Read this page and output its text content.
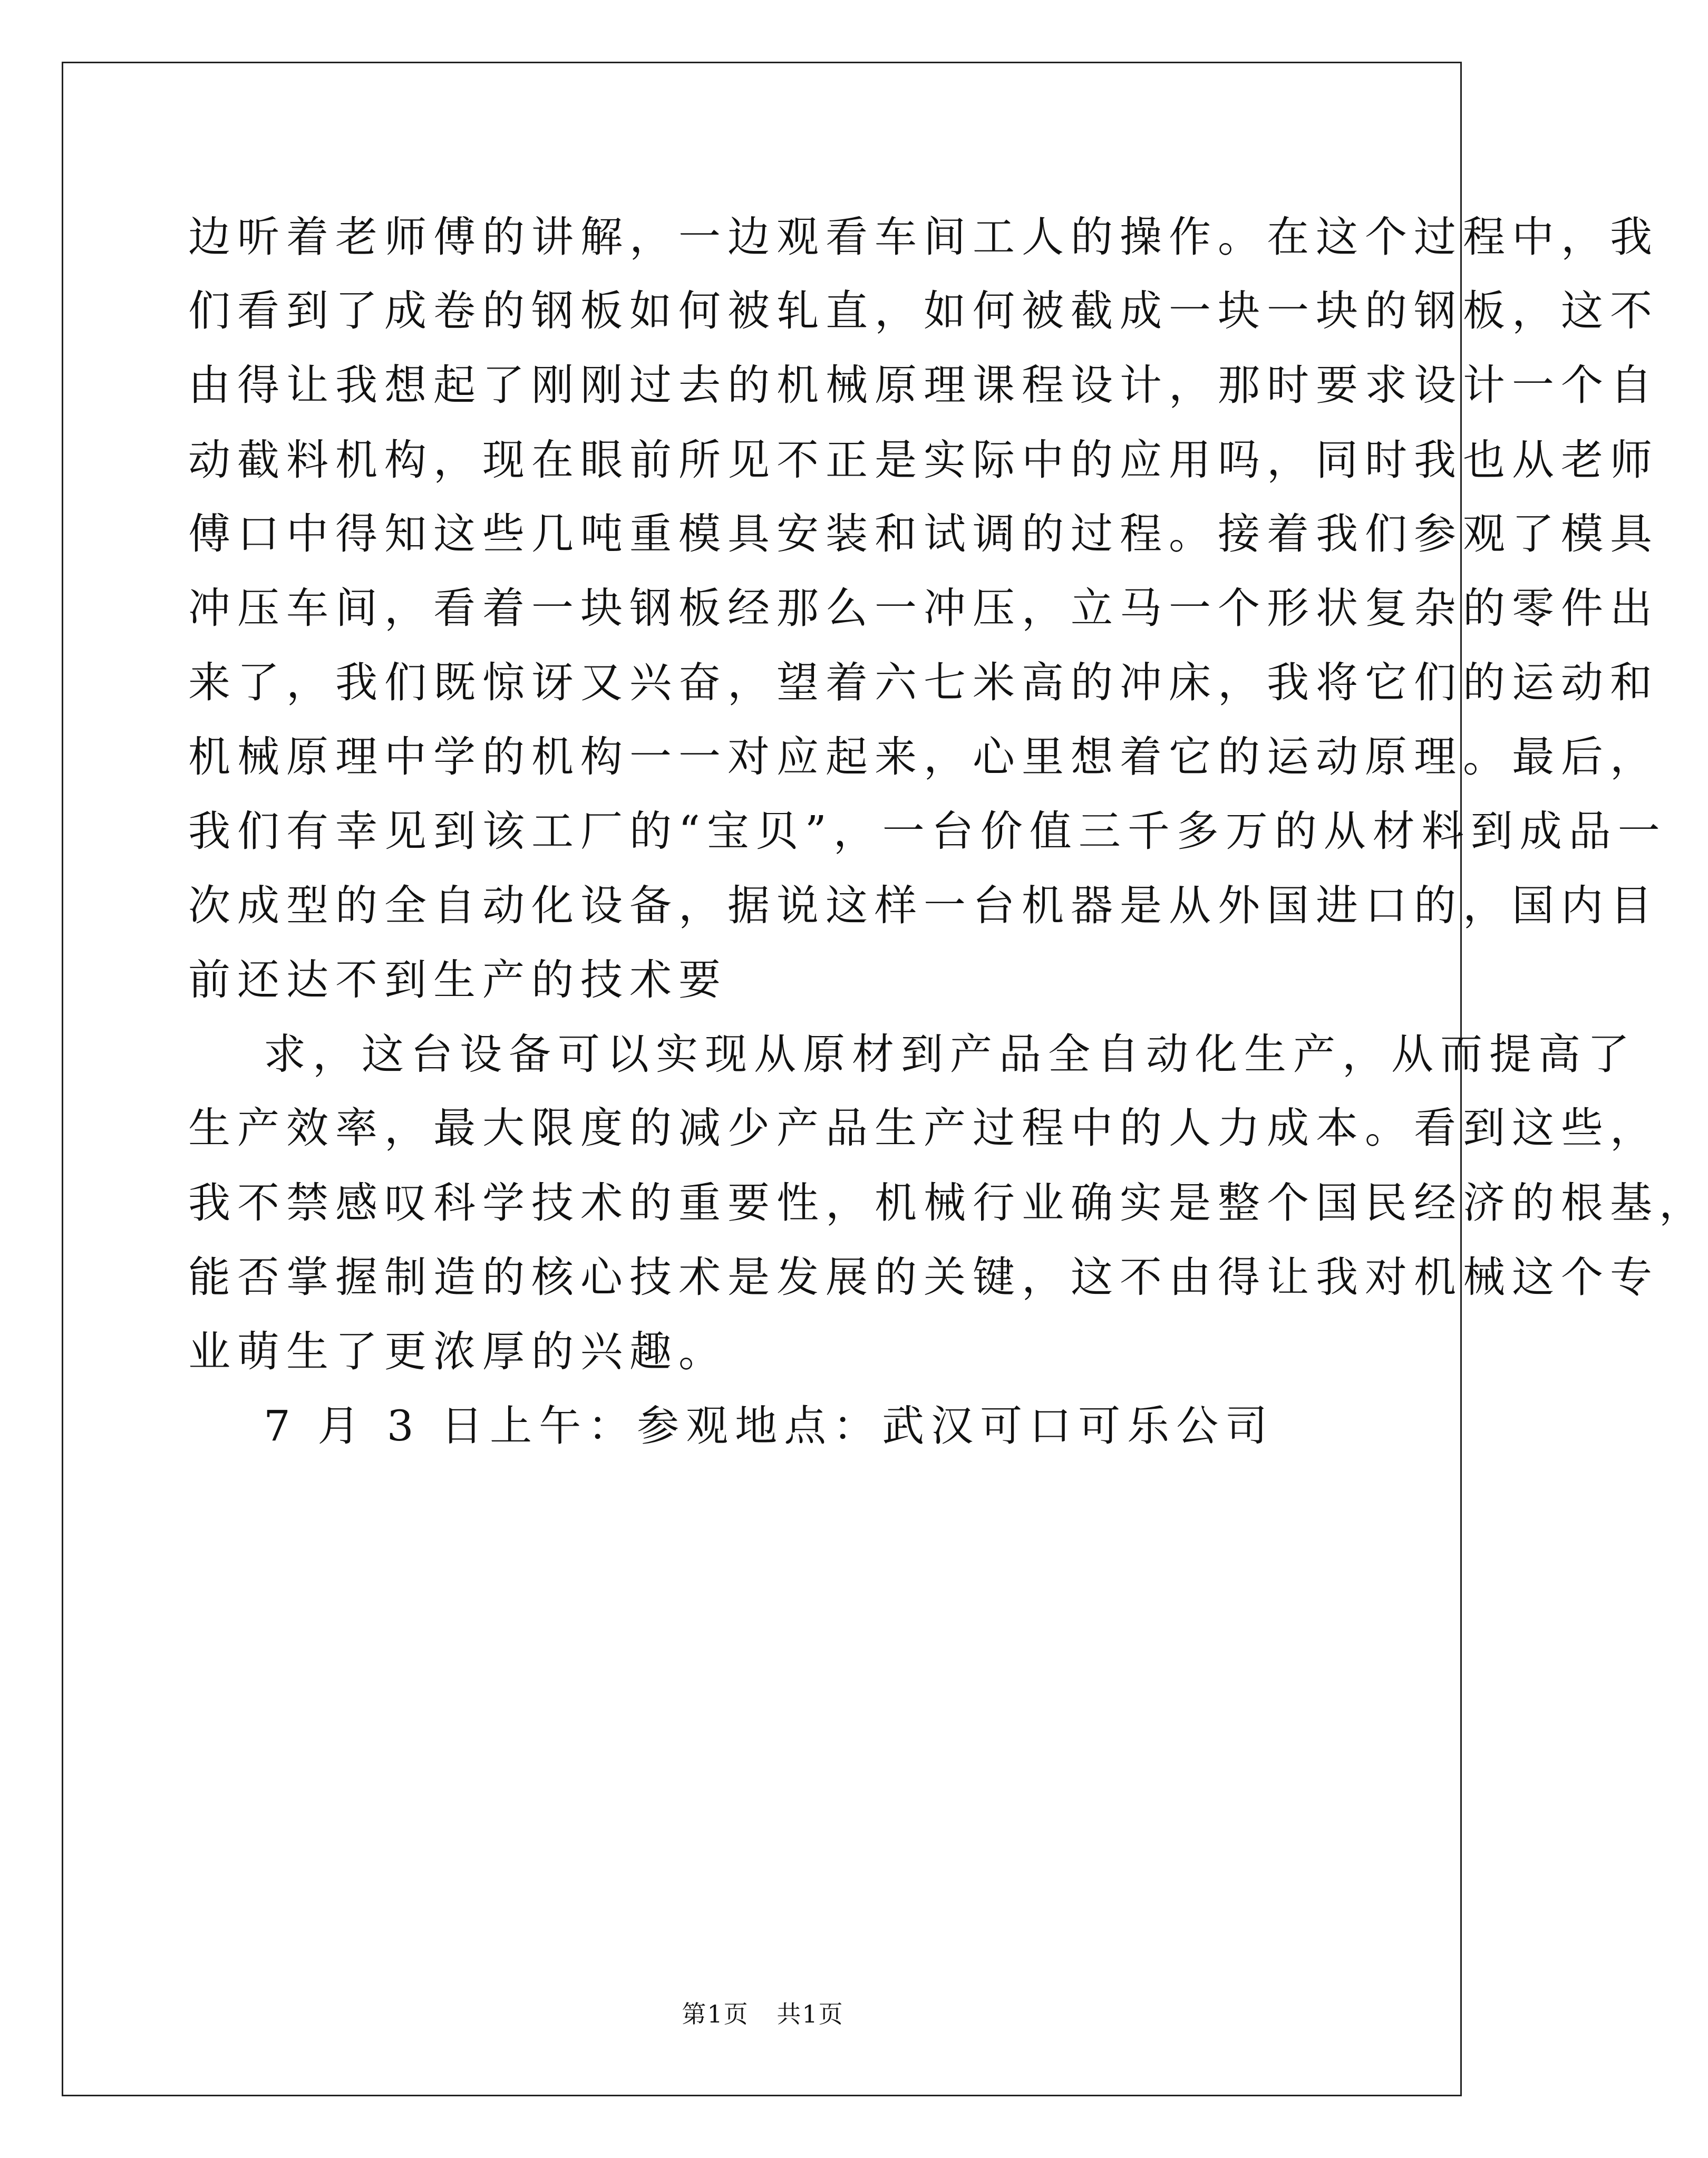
边听着老师傅的讲解，一边观看车间工人的操作。在这个过程中，我
们看到了成卷的钢板如何被轧直，如何被截成一块一块的钢板，这不
由得让我想起了刚刚过去的机械原理课程设计，那时要求设计一个自
动截料机构，现在眼前所见不正是实际中的应用吗，同时我也从老师
傅口中得知这些几吨重模具安装和试调的过程。接着我们参观了模具
冲压车间，看着一块钢板经那么一冲压，立马一个形状复杂的零件出
来了，我们既惊讶又兴奋，望着六七米高的冲床，我将它们的运动和
机械原理中学的机构一一对应起来，心里想着它的运动原理。最后，
我们有幸见到该工厂的“宝贝”，一台价值三千多万的从材料到成品一
次成型的全自动化设备，据说这样一台机器是从外国进口的，国内目
前还达不到生产的技术要
求，这台设备可以实现从原材到产品全自动化生产，从而提高了
生产效率，最大限度的减少产品生产过程中的人力成本。看到这些，
我不禁感叹科学技术的重要性，机械行业确实是整个国民经济的根基，
能否掌握制造的核心技术是发展的关键，这不由得让我对机械这个专
业萌生了更浓厚的兴趣。
7 月 3 日上午：参观地点：武汉可口可乐公司
第1页 共1页
